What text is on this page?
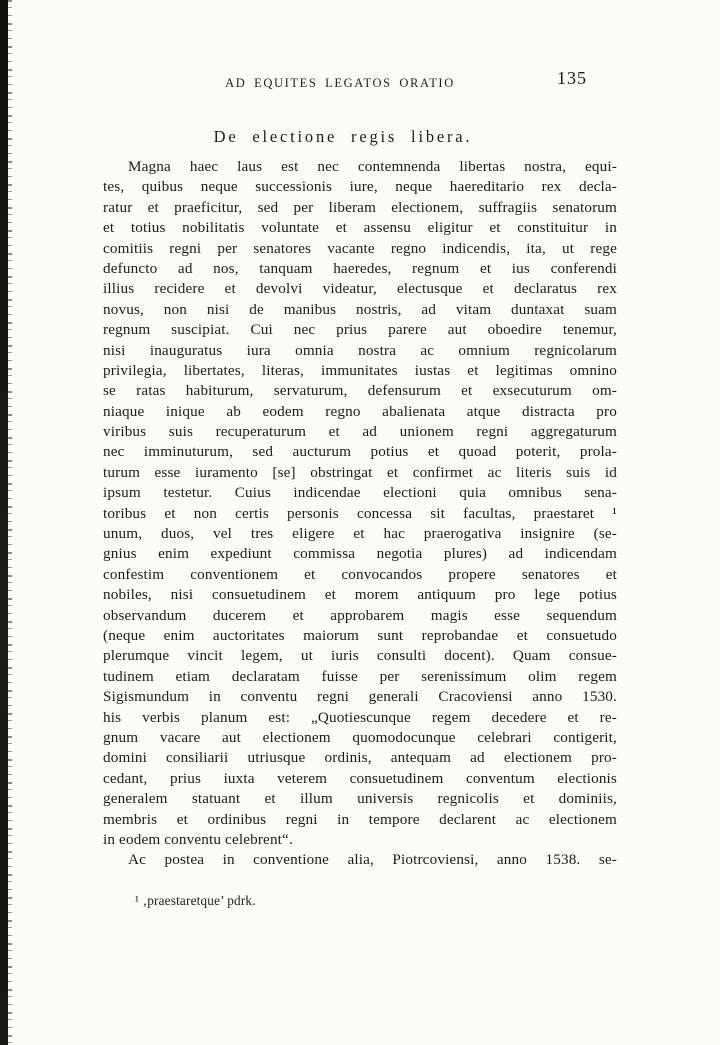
AD EQUITES LEGATOS ORATIO	135
De electione regis libera.
Magna haec laus est nec contemnenda libertas nostra, equi-
tes, quibus neque successionis iure, neque haereditario rex decla-
ratur et praeficitur, sed per liberam electionem, suffragiis senatorum
et totius nobilitatis voluntate et assensu eligitur et constituitur in
comitiis regni per senatores vacante regno indicendis, ita, ut rege
defuncto ad nos, tanquam haeredes, regnum et ius conferendi
illius recidere et devolvi videatur, electusque et declaratus rex
novus, non nisi de manibus nostris, ad vitam duntaxat suam
regnum suscipiat. Cui nec prius parere aut oboedire tenemur,
nisi inauguratus iura omnia nostra ac omnium regnicolarum
privilegia, libertates, literas, immunitates iustas et legitimas omnino
se ratas habiturum, servaturum, defensurum et exsecuturum om-
niaque inique ab eodem regno abalienata atque distracta pro
viribus suis recuperaturum et ad unionem regni aggregaturum
nec imminuturum, sed aucturum potius et quoad poterit, prola-
turum esse iuramento [se] obstringat et confirmet ac literis suis id
ipsum testetur. Cuius indicendae electioni quia omnibus sena-
toribus et non certis personis concessa sit facultas, praestaret ¹
unum, duos, vel tres eligere et hac praerogativa insignire (se-
gnius enim expediunt commissa negotia plures) ad indicendam
confestim conventionem et convocandos propere senatores et
nobiles, nisi consuetudinem et morem antiquum pro lege potius
observandum ducerem et approbarem magis esse sequendum
(neque enim auctoritates maiorum sunt reprobandae et consuetudo
plerumque vincit legem, ut iuris consulti docent). Quam consue-
tudinem etiam declaratam fuisse per serenissimum olim regem
Sigismundum in conventu regni generali Cracoviensi anno 1530.
his verbis planum est: „Quotiescunque regem decedere et re-
gnum vacare aut electionem quomodocunque celebrari contigerit,
domini consiliarii utriusque ordinis, antequam ad electionem pro-
cedant, prius iuxta veterem consuetudinem conventum electionis
generalem statuant et illum universis regnicolis et dominiis,
membris et ordinibus regni in tempore declarent ac electionem
in eodem conventu celebrent“.
Ac postea in conventione alia, Piotrcoviensi, anno 1538. se-
¹ ‚praestaretque’ pdrk.
